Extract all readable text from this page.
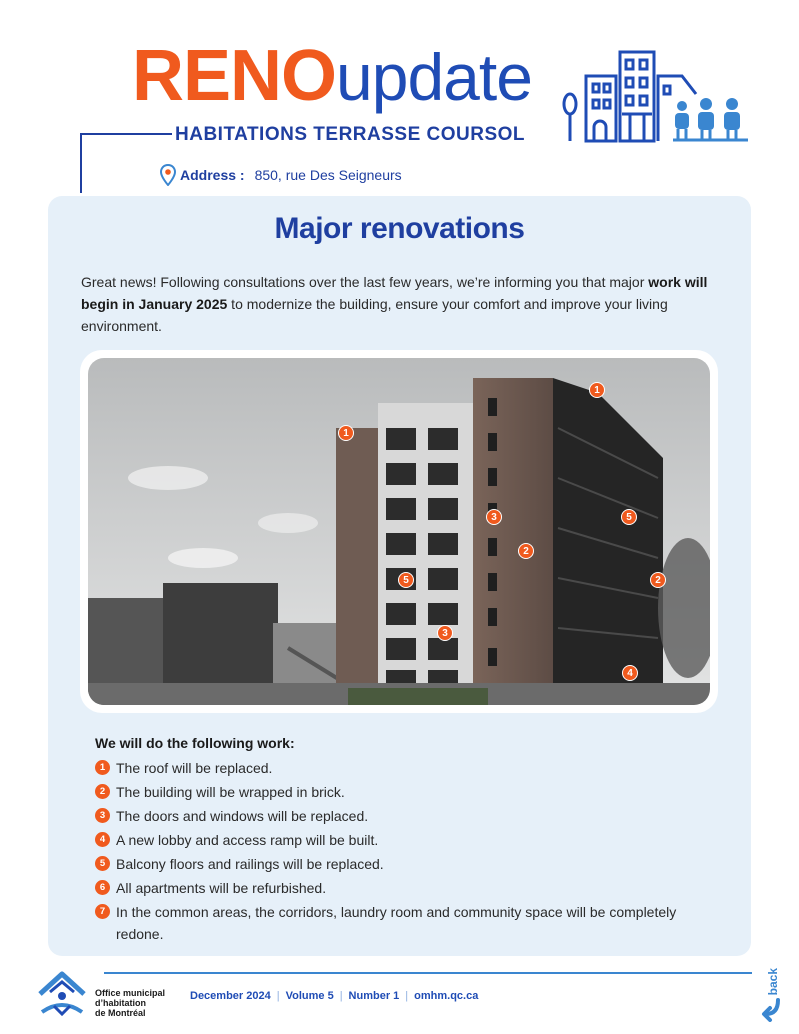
RENOupdate
HABITATIONS TERRASSE COURSOL
Address : 850, rue Des Seigneurs
Major renovations

Great news! Following consultations over the last few years, we’re informing you that major work will begin in January 2025 to modernize the building, ensure your comfort and improve your living environment.

1
1
3	5
2
5	2
3
4
We will do the following work:
1 The roof will be replaced.
2 The building will be wrapped in brick.
3 The doors and windows will be replaced.
4 A new lobby and access ramp will be built.
5 Balcony floors and railings will be replaced.
6 All apartments will be refurbished.
7 In the common areas, the corridors, laundry room and community space will be completely redone.
Office municipal
d’habitation
de Montréal
December 2024 | Volume 5 | Number 1 | omhm.qc.ca
back
